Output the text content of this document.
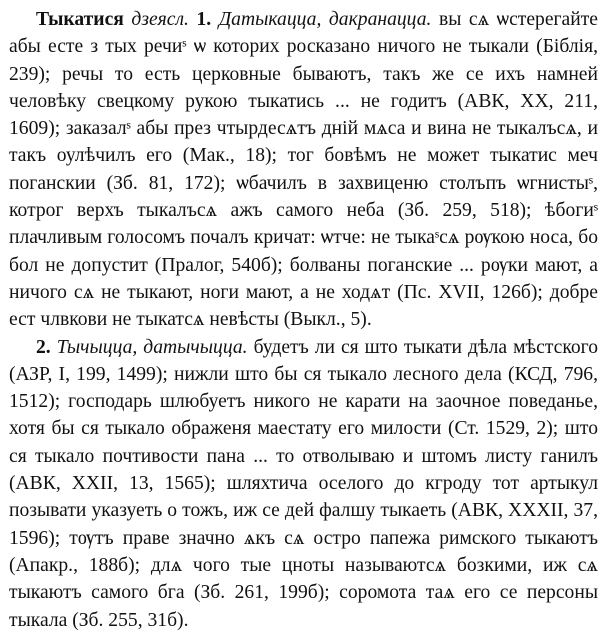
Тыкатися дзеясл. 1. Датыкацца, дакранацца. вы сѧ ѡстерегайте абы есте з тых речиˢ ѡ которих росказано ничого не тыкали (Біблія, 239); речы то есть церковные бываютъ, такъ же се ихъ намней человѣку свецкому рукою тыкатись ... не годитъ (АВК, XX, 211, 1609); заказалˢ абы през чтырдесѧтъ дній мѧса и вина не тыкалъсѧ, и такъ оулѣчилъ его (Мак., 18); тог бовѣмъ не может тыкатис меч поганскии (Зб. 81, 172); ѡбачилъ в захвиценю столъпъ ѡгнистыˢ, котрог верхъ тыкалъсѧ ажъ самого неба (Зб. 259, 518); ѣбогиˢ плачливым голосомъ почалъ кричат: ѡтче: не тыкаˢсѧ рѹкою носа, бо бол не допустит (Пралог, 540б); болваны поганские ... рѹки мают, а ничого сѧ не тыкают, ноги мают, а не ходѧт (Пс. XVII, 126б); добре ест члвкови не тыкатсѧ невѣсты (Выкл., 5).

2. Тычыцца, датычыцца. будетъ ли ся што тыкати дѣла мѣстского (АЗР, I, 199, 1499); нижли што бы ся тыкало лесного дела (КСД, 796, 1512); господарь шлюбуетъ никого не карати на заочное поведанье, хотя бы ся тыкало ображеня маестату его милости (Ст. 1529, 2); што ся тыкало почтивости пана ... то отволываю и штомъ листу ганилъ (АВК, XXII, 13, 1565); шляхтича оселого до кгроду тот артыкул позывати указуеть о тожъ, иж се дей фалшу тыкаеть (АВК, XXXII, 37, 1596); тѹтъ праве значно ѧкъ сѧ остро папежа римского тыкаютъ (Апакр., 188б); длѧ чого тые цноты называютсѧ бозкими, иж сѧ тыкаютъ самого бга (Зб. 261, 199б); соромота таѧ его се персоны тыкала (Зб. 255, 31б).
